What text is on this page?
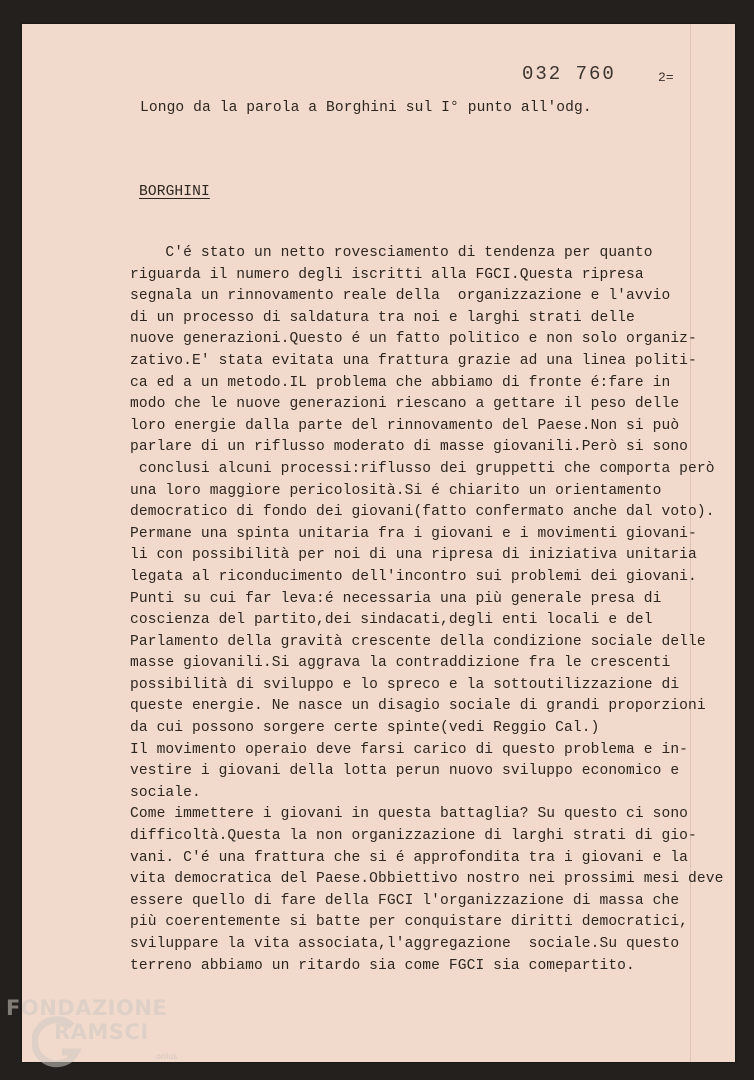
032 760	2=
Longo da la parola a Borghini sul I° punto all'odg.
BORGHINI
C'é stato un netto rovesciamento di tendenza per quanto
riguarda il numero degli iscritti alla FGCI.Questa ripresa
segnala un rinnovamento reale della  organizzazione e l'avvio
di un processo di saldatura tra noi e larghi strati delle
nuove generazioni.Questo é un fatto politico e non solo organiz-
zativo.E' stata evitata una frattura grazie ad una linea politi-
ca ed a un metodo.IL problema che abbiamo di fronte é:fare in
modo che le nuove generazioni riescano a gettare il peso delle
loro energie dalla parte del rinnovamento del Paese.Non si può
parlare di un riflusso moderato di masse giovanili.Però si sono
conclusi alcuni processi:riflusso dei gruppetti che comporta però
una loro maggiore pericolosità.Si é chiarito un orientamento
democratico di fondo dei giovani(fatto confermato anche dal voto).
Permane una spinta unitaria fra i giovani e i movimenti giovani-
li con possibilità per noi di una ripresa di iniziativa unitaria
legata al riconducimento dell'incontro sui problemi dei giovani.
Punti su cui far leva:é necessaria una più generale presa di
coscienza del partito,dei sindacati,degli enti locali e del
Parlamento della gravità crescente della condizione sociale delle
masse giovanili.Si aggrava la contraddizione fra le crescenti
possibilità di sviluppo e lo spreco e la sottoutilizzazione di
queste energie. Ne nasce un disagio sociale di grandi proporzioni
da cui possono sorgere certe spinte(vedi Reggio Cal.)
Il movimento operaio deve farsi carico di questo problema e in-
vestire i giovani della lotta perun nuovo sviluppo economico e
sociale.
Come immettere i giovani in questa battaglia? Su questo ci sono
difficoltà.Questa la non organizzazione di larghi strati di gio-
vani. C'é una frattura che si é approfondita tra i giovani e la
vita democratica del Paese.Obbiettivo nostro nei prossimi mesi deve
essere quello di fare della FGCI l'organizzazione di massa che
più coerentemente si batte per conquistare diritti democratici,
sviluppare la vita associata,l'aggregazione  sociale.Su questo
terreno abbiamo un ritardo sia come FGCI sia comepartito.
FONDAZIONE
RAMSCI
onlus
